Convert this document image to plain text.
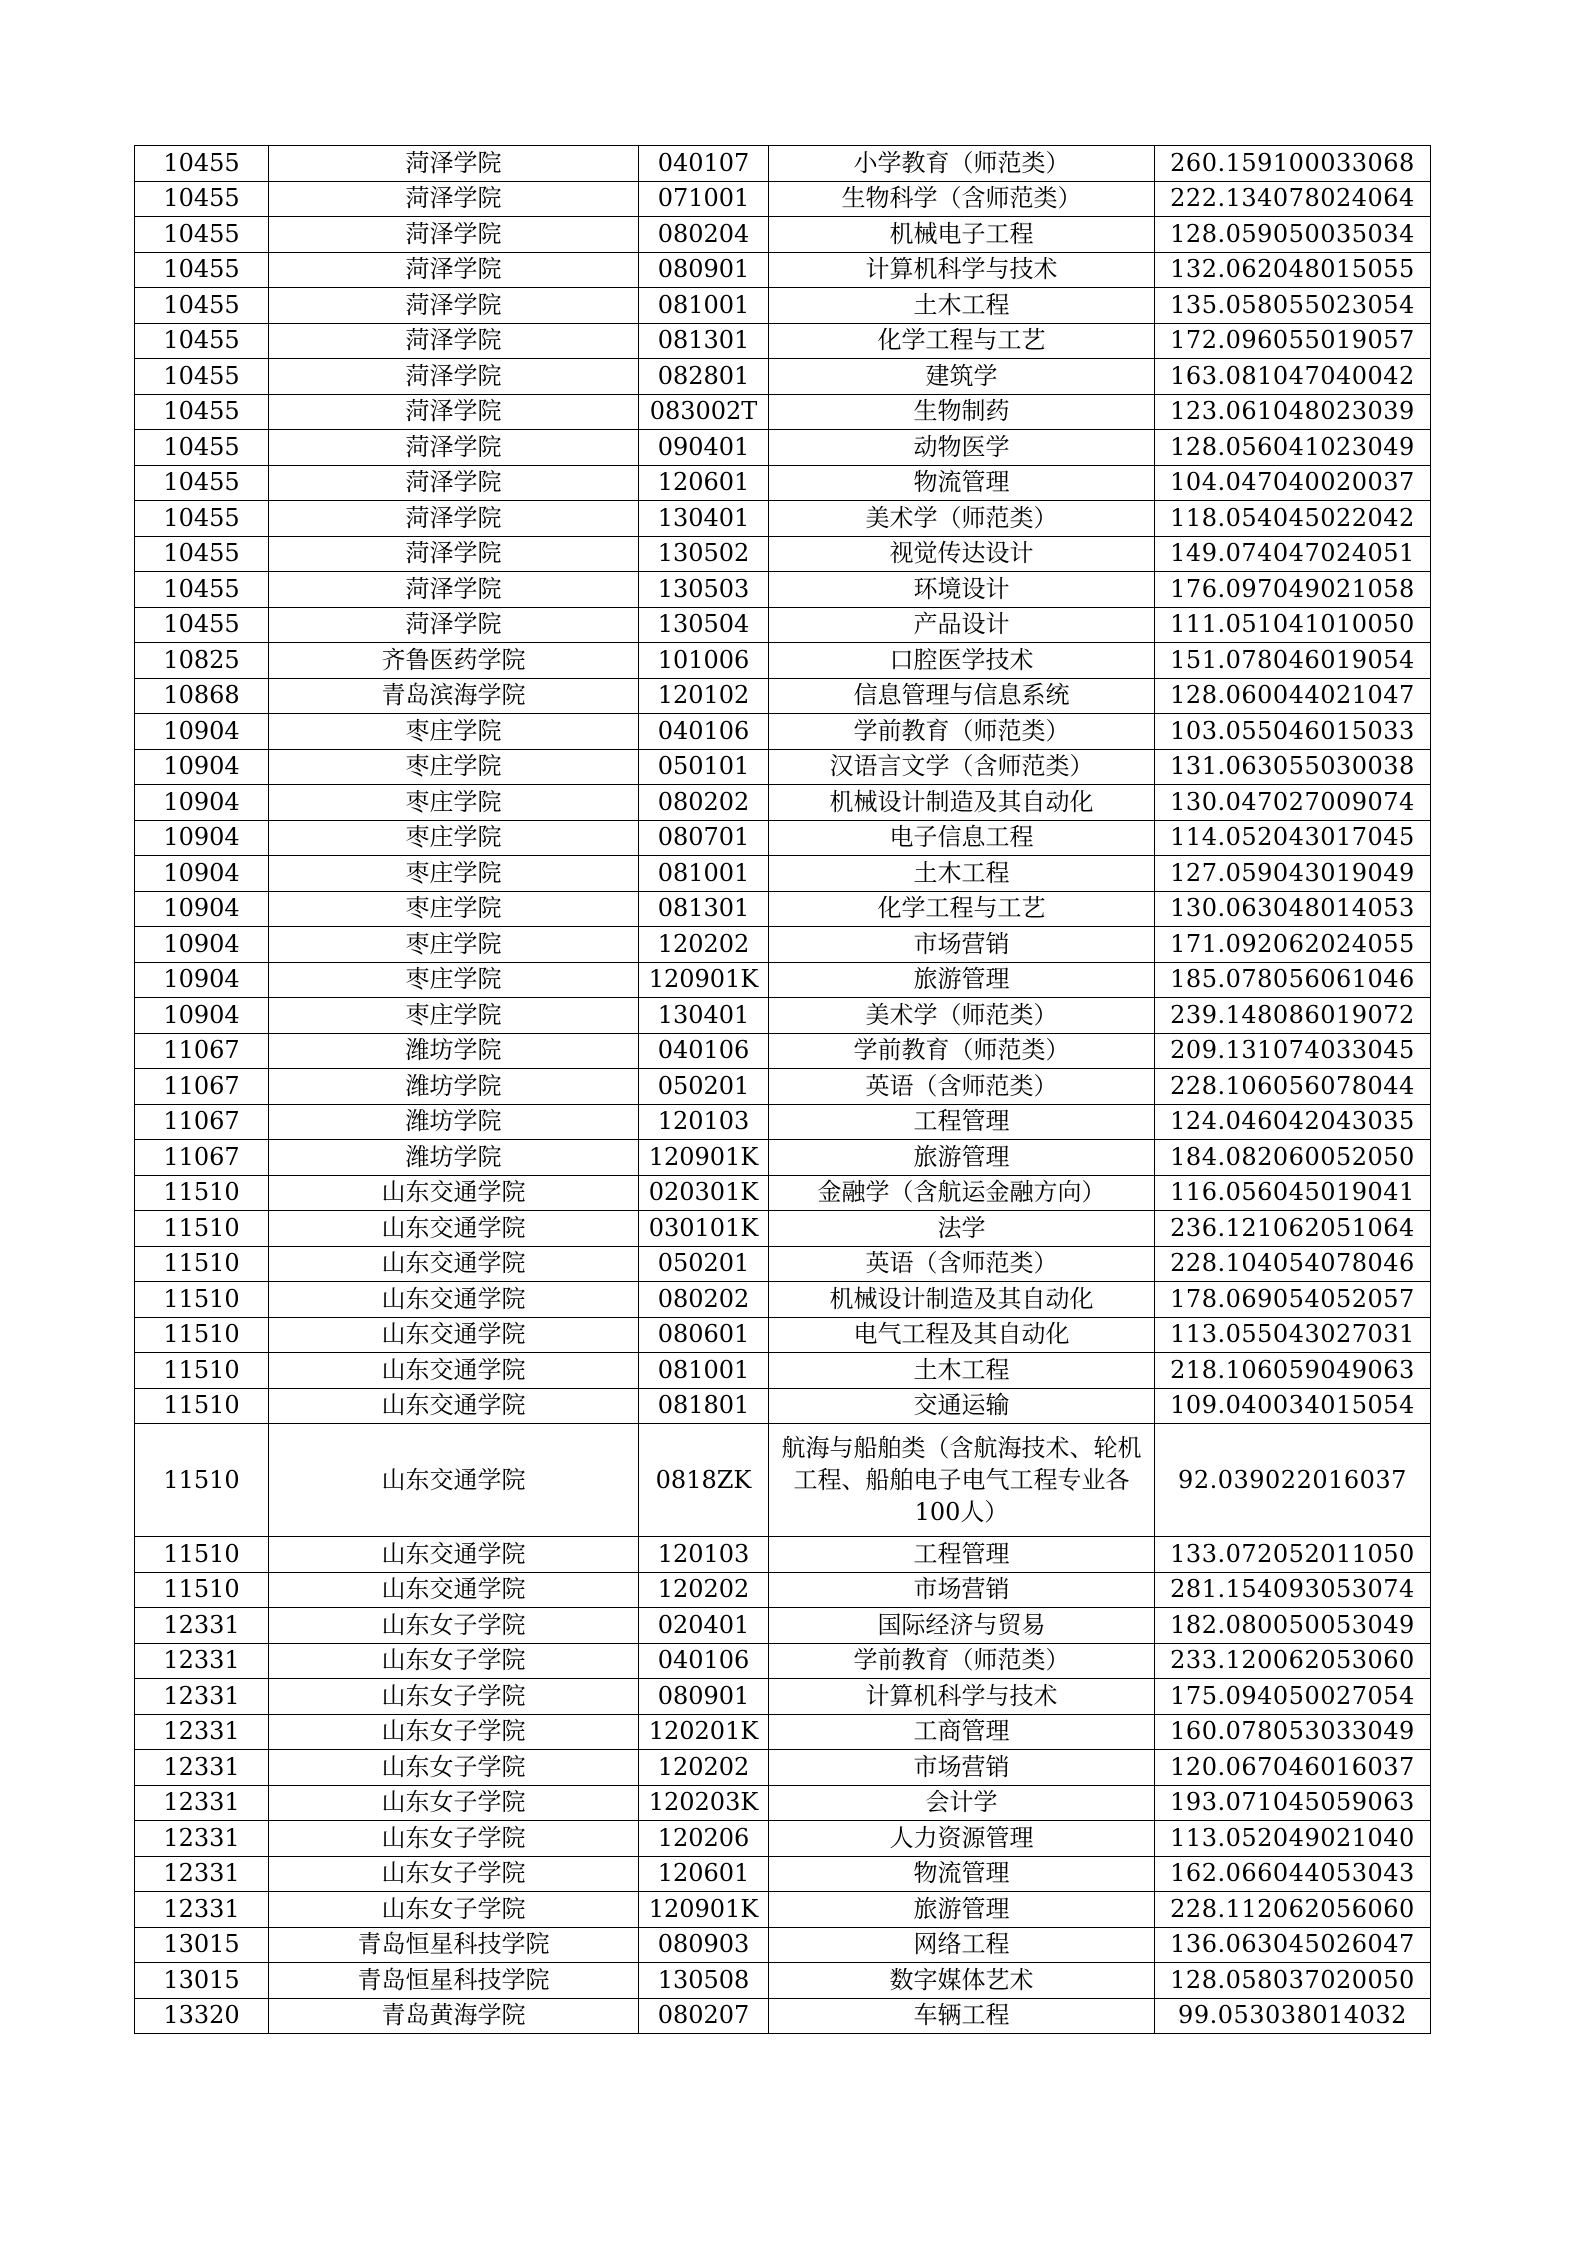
10455	菏泽学院	040107	小学教育（师范类）	260.159100033068
10455	菏泽学院	071001	生物科学（含师范类）	222.134078024064
10455	菏泽学院	080204	机械电子工程	128.059050035034
10455	菏泽学院	080901	计算机科学与技术	132.062048015055
10455	菏泽学院	081001	土木工程	135.058055023054
10455	菏泽学院	081301	化学工程与工艺	172.096055019057
10455	菏泽学院	082801	建筑学	163.081047040042
10455	菏泽学院	083002T	生物制药	123.061048023039
10455	菏泽学院	090401	动物医学	128.056041023049
10455	菏泽学院	120601	物流管理	104.047040020037
10455	菏泽学院	130401	美术学（师范类）	118.054045022042
10455	菏泽学院	130502	视觉传达设计	149.074047024051
10455	菏泽学院	130503	环境设计	176.097049021058
10455	菏泽学院	130504	产品设计	111.051041010050
10825	齐鲁医药学院	101006	口腔医学技术	151.078046019054
10868	青岛滨海学院	120102	信息管理与信息系统	128.060044021047
10904	枣庄学院	040106	学前教育（师范类）	103.055046015033
10904	枣庄学院	050101	汉语言文学（含师范类）	131.063055030038
10904	枣庄学院	080202	机械设计制造及其自动化	130.047027009074
10904	枣庄学院	080701	电子信息工程	114.052043017045
10904	枣庄学院	081001	土木工程	127.059043019049
10904	枣庄学院	081301	化学工程与工艺	130.063048014053
10904	枣庄学院	120202	市场营销	171.092062024055
10904	枣庄学院	120901K	旅游管理	185.078056061046
10904	枣庄学院	130401	美术学（师范类）	239.148086019072
11067	潍坊学院	040106	学前教育（师范类）	209.131074033045
11067	潍坊学院	050201	英语（含师范类）	228.106056078044
11067	潍坊学院	120103	工程管理	124.046042043035
11067	潍坊学院	120901K	旅游管理	184.082060052050
11510	山东交通学院	020301K	金融学（含航运金融方向）	116.056045019041
11510	山东交通学院	030101K	法学	236.121062051064
11510	山东交通学院	050201	英语（含师范类）	228.104054078046
11510	山东交通学院	080202	机械设计制造及其自动化	178.069054052057
11510	山东交通学院	080601	电气工程及其自动化	113.055043027031
11510	山东交通学院	081001	土木工程	218.106059049063
11510	山东交通学院	081801	交通运输	109.040034015054
11510	山东交通学院	0818ZK	航海与船舶类（含航海技术、轮机工程、船舶电子电气工程专业各100人）	92.039022016037
11510	山东交通学院	120103	工程管理	133.072052011050
11510	山东交通学院	120202	市场营销	281.154093053074
12331	山东女子学院	020401	国际经济与贸易	182.080050053049
12331	山东女子学院	040106	学前教育（师范类）	233.120062053060
12331	山东女子学院	080901	计算机科学与技术	175.094050027054
12331	山东女子学院	120201K	工商管理	160.078053033049
12331	山东女子学院	120202	市场营销	120.067046016037
12331	山东女子学院	120203K	会计学	193.071045059063
12331	山东女子学院	120206	人力资源管理	113.052049021040
12331	山东女子学院	120601	物流管理	162.066044053043
12331	山东女子学院	120901K	旅游管理	228.112062056060
13015	青岛恒星科技学院	080903	网络工程	136.063045026047
13015	青岛恒星科技学院	130508	数字媒体艺术	128.058037020050
13320	青岛黄海学院	080207	车辆工程	99.053038014032
